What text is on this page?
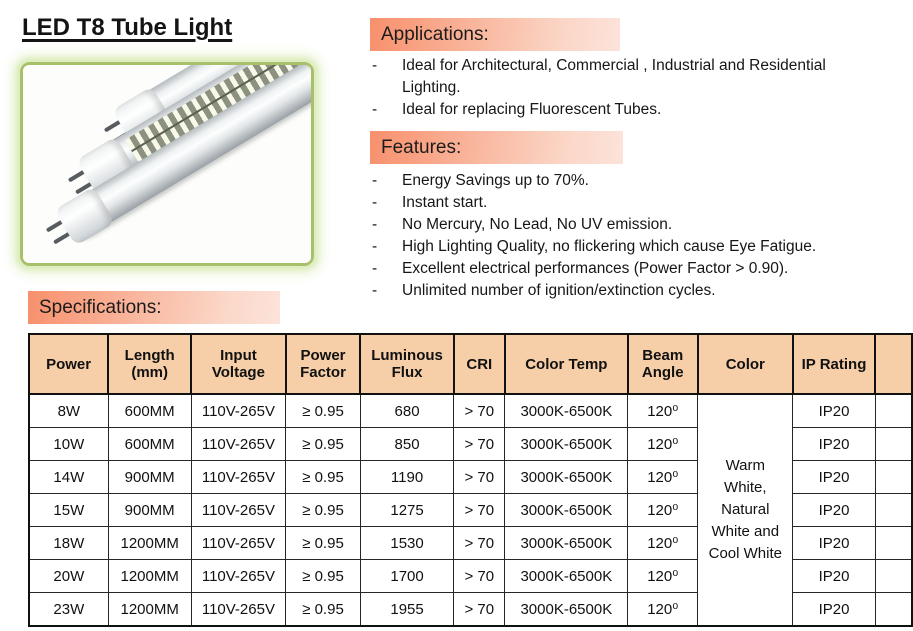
LED T8 Tube Light	Applications:
-	Ideal for Architectural, Commercial , Industrial and Residential Lighting.
-	Ideal for replacing Fluorescent Tubes.
Features:
-	Energy Savings up to 70%.
-	Instant start.
-	No Mercury, No Lead, No UV emission.
-	High Lighting Quality, no flickering which cause Eye Fatigue.
-	Excellent electrical performances (Power Factor > 0.90).
-	Unlimited number of ignition/extinction cycles.
Specifications:
Power	Length (mm)	Input Voltage	Power Factor	Luminous Flux	CRI	Color Temp	Beam Angle	Color	IP Rating	
8W	600MM	110V-265V	≥ 0.95	680	> 70	3000K-6500K	120⁰	Warm White, Natural White and Cool White	IP20	
10W	600MM	110V-265V	≥ 0.95	850	> 70	3000K-6500K	120⁰		IP20	
14W	900MM	110V-265V	≥ 0.95	1190	> 70	3000K-6500K	120⁰		IP20	
15W	900MM	110V-265V	≥ 0.95	1275	> 70	3000K-6500K	120⁰		IP20	
18W	1200MM	110V-265V	≥ 0.95	1530	> 70	3000K-6500K	120⁰		IP20	
20W	1200MM	110V-265V	≥ 0.95	1700	> 70	3000K-6500K	120⁰		IP20	
23W	1200MM	110V-265V	≥ 0.95	1955	> 70	3000K-6500K	120⁰		IP20	
